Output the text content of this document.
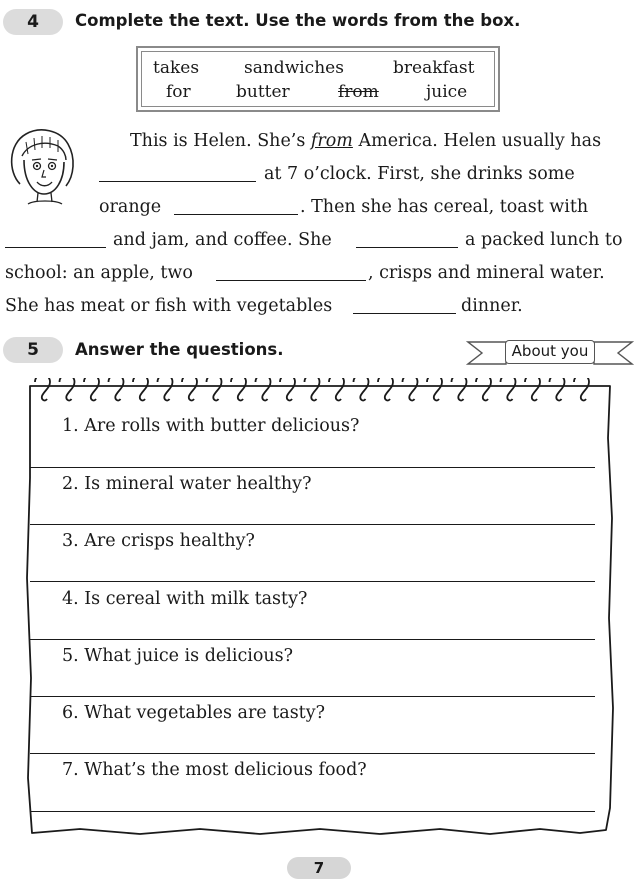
4	Complete the text. Use the words from the box.
takes	sandwiches	breakfast
for	butter	from	juice
This is Helen. She’s from America. Helen usually has
at 7 o’clock. First, she drinks some
orange	. Then she has cereal, toast with
and jam, and coffee. She	a packed lunch to
school: an apple, two	, crisps and mineral water.
She has meat or fish with vegetables	dinner.
5	Answer the questions.	About you
1. Are rolls with butter delicious?
2. Is mineral water healthy?
3. Are crisps healthy?
4. Is cereal with milk tasty?
5. What juice is delicious?
6. What vegetables are tasty?
7. What’s the most delicious food?
7
